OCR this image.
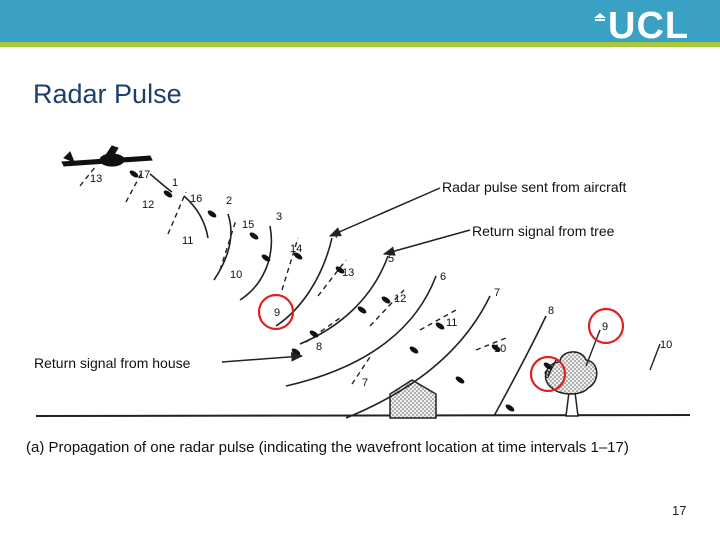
UCL
Radar Pulse
1
2
3
4
5
6
7
8
9
10
7
8
9
10
11
12
13
14
15
16
17
13
12
11
10
9
Radar pulse sent from aircraft
Return signal from tree
Return signal from house
(a) Propagation of one radar pulse (indicating the wavefront location at time intervals 1–17)
17
